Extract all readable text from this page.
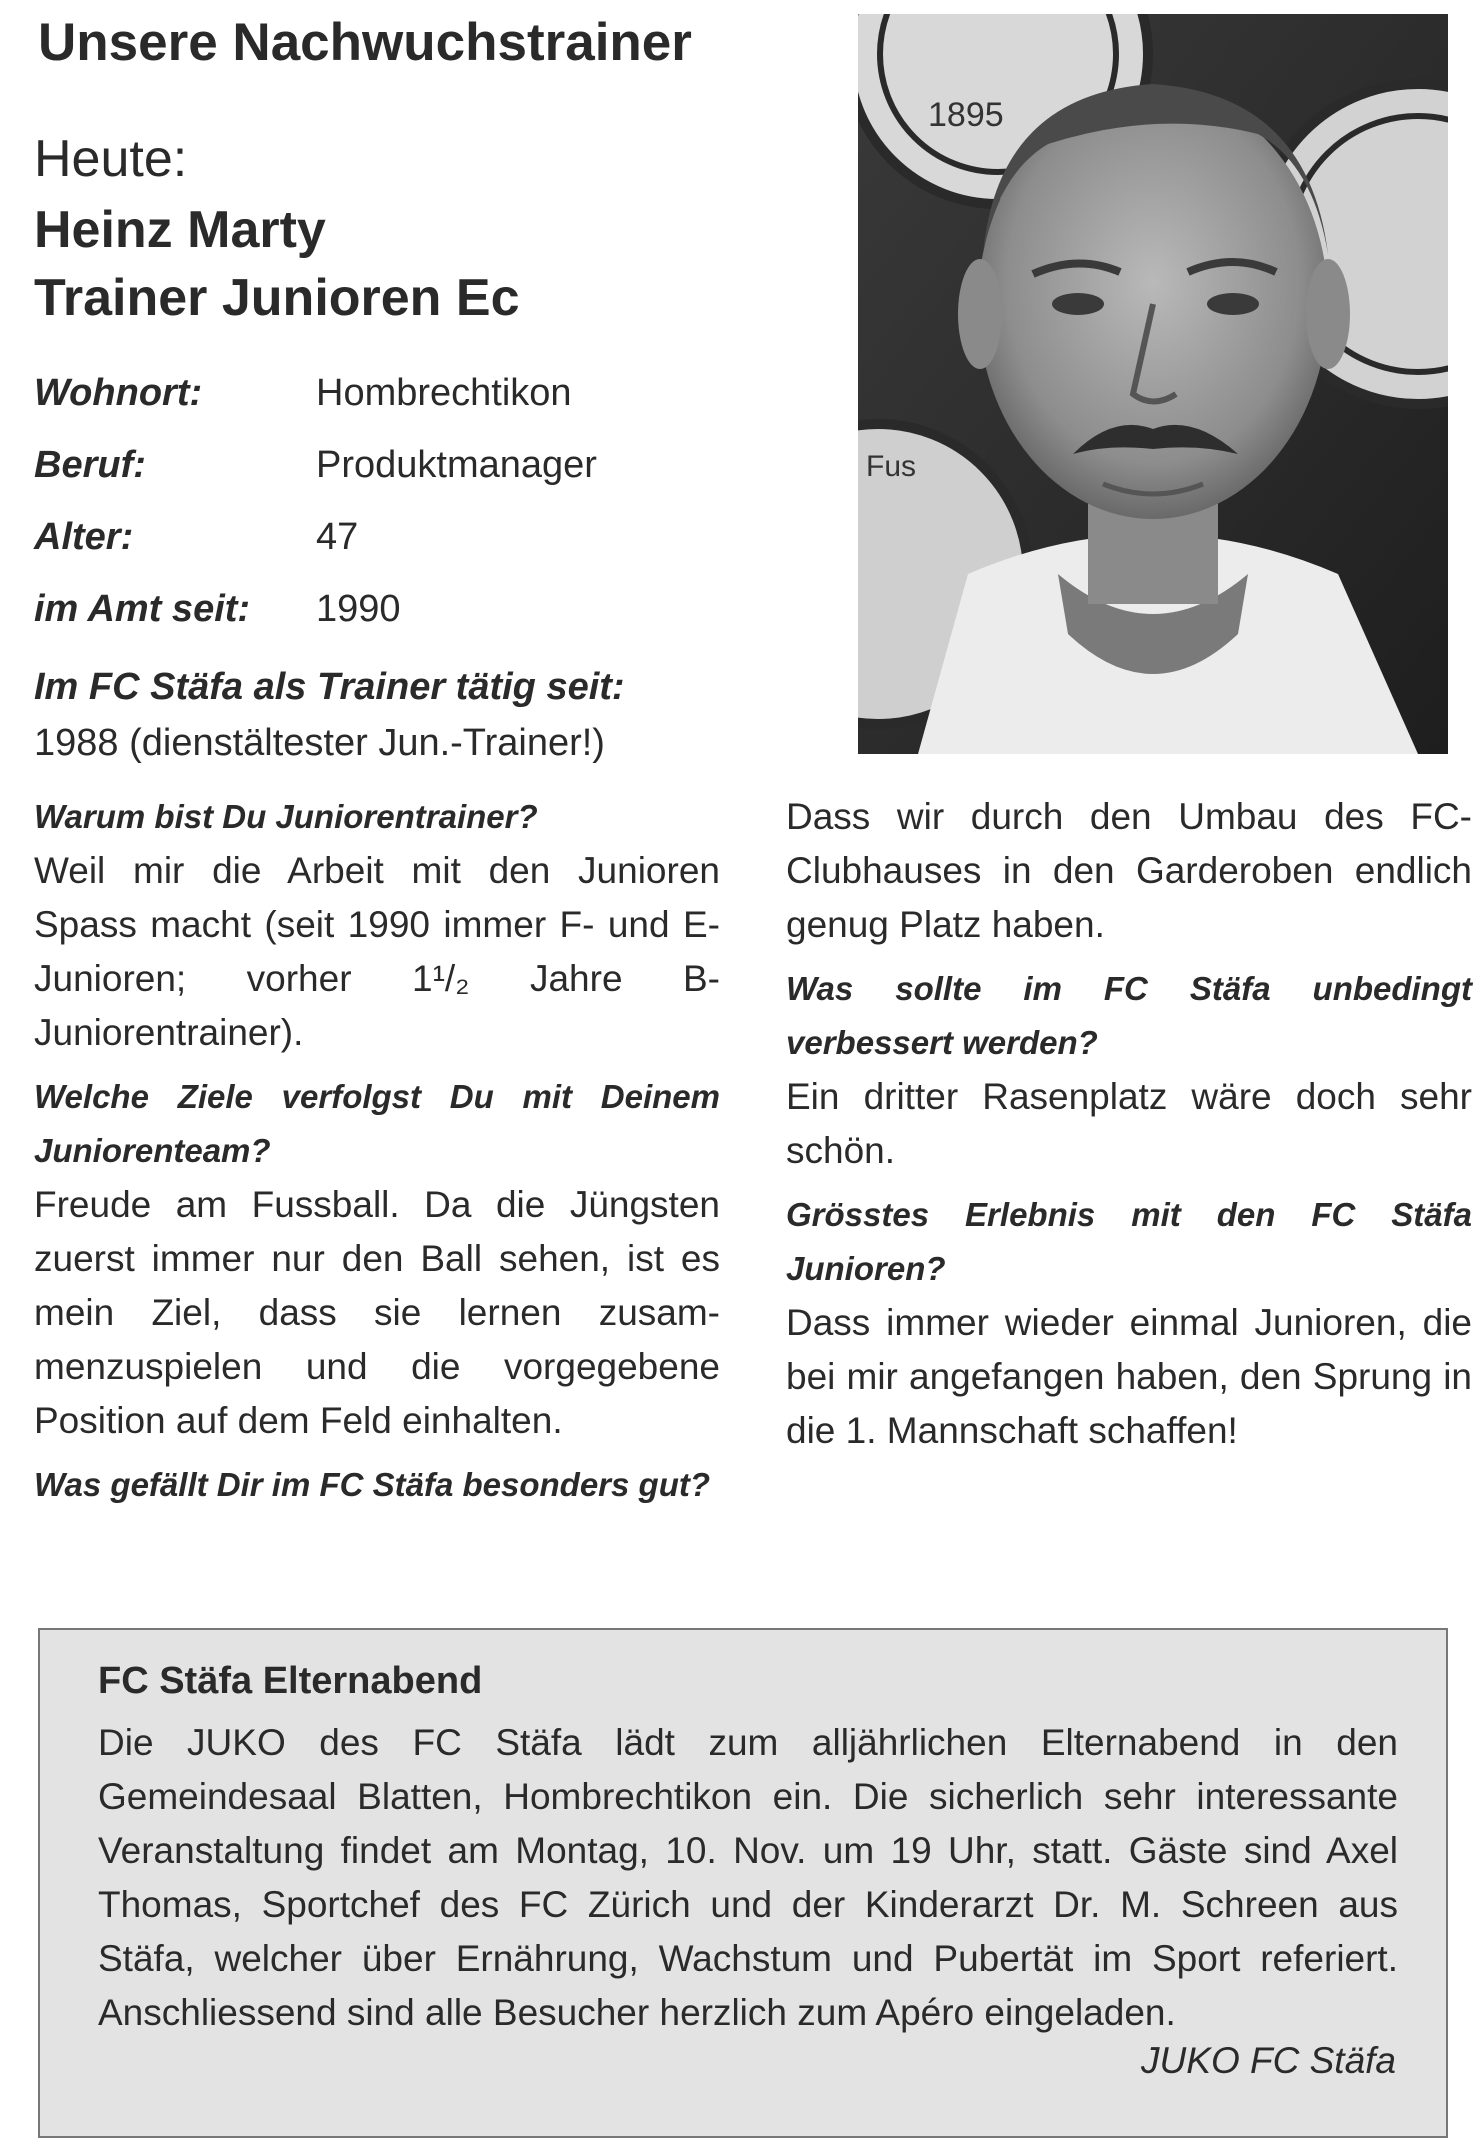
Unsere Nachwuchstrainer
Heute:
Heinz Marty
Trainer Junioren Ec
Wohnort:	Hombrechtikon
Beruf:	Produktmanager
Alter:	47
im Amt seit: 1990
Im FC Stäfa als Trainer tätig seit:
1988 (dienstältester Jun.-Trainer!)
Warum bist Du Juniorentrainer?
Weil mir die Arbeit mit den Junioren Spass macht (seit 1990 immer F- und E-Junioren; vorher 1¹/₂ Jahre B-Juniorentrainer).
Welche Ziele verfolgst Du mit Deinem Juniorenteam?
Freude am Fussball. Da die Jüngsten zuerst immer nur den Ball sehen, ist es mein Ziel, dass sie lernen zusammenzuspielen und die vorgegebene Position auf dem Feld einhalten.
Was gefällt Dir im FC Stäfa besonders gut?
Dass wir durch den Umbau des FC-Clubhauses in den Garderoben endlich genug Platz haben.
Was sollte im FC Stäfa unbedingt verbessert werden?
Ein dritter Rasenplatz wäre doch sehr schön.
Grösstes Erlebnis mit den FC Stäfa Junioren?
Dass immer wieder einmal Junioren, die bei mir angefangen haben, den Sprung in die 1. Mannschaft schaffen!
1895
Fus
FC Stäfa Elternabend
Die JUKO des FC Stäfa lädt zum alljährlichen Elternabend in den Gemeindesaal Blatten, Hombrechtikon ein. Die sicherlich sehr interessante Veranstaltung findet am Montag, 10. Nov. um 19 Uhr, statt. Gäste sind Axel Thomas, Sportchef des FC Zürich und der Kinderarzt Dr. M. Schreen aus Stäfa, welcher über Ernährung, Wachstum und Pubertät im Sport referiert. Anschliessend sind alle Besucher herzlich zum Apéro eingeladen.
JUKO FC Stäfa
